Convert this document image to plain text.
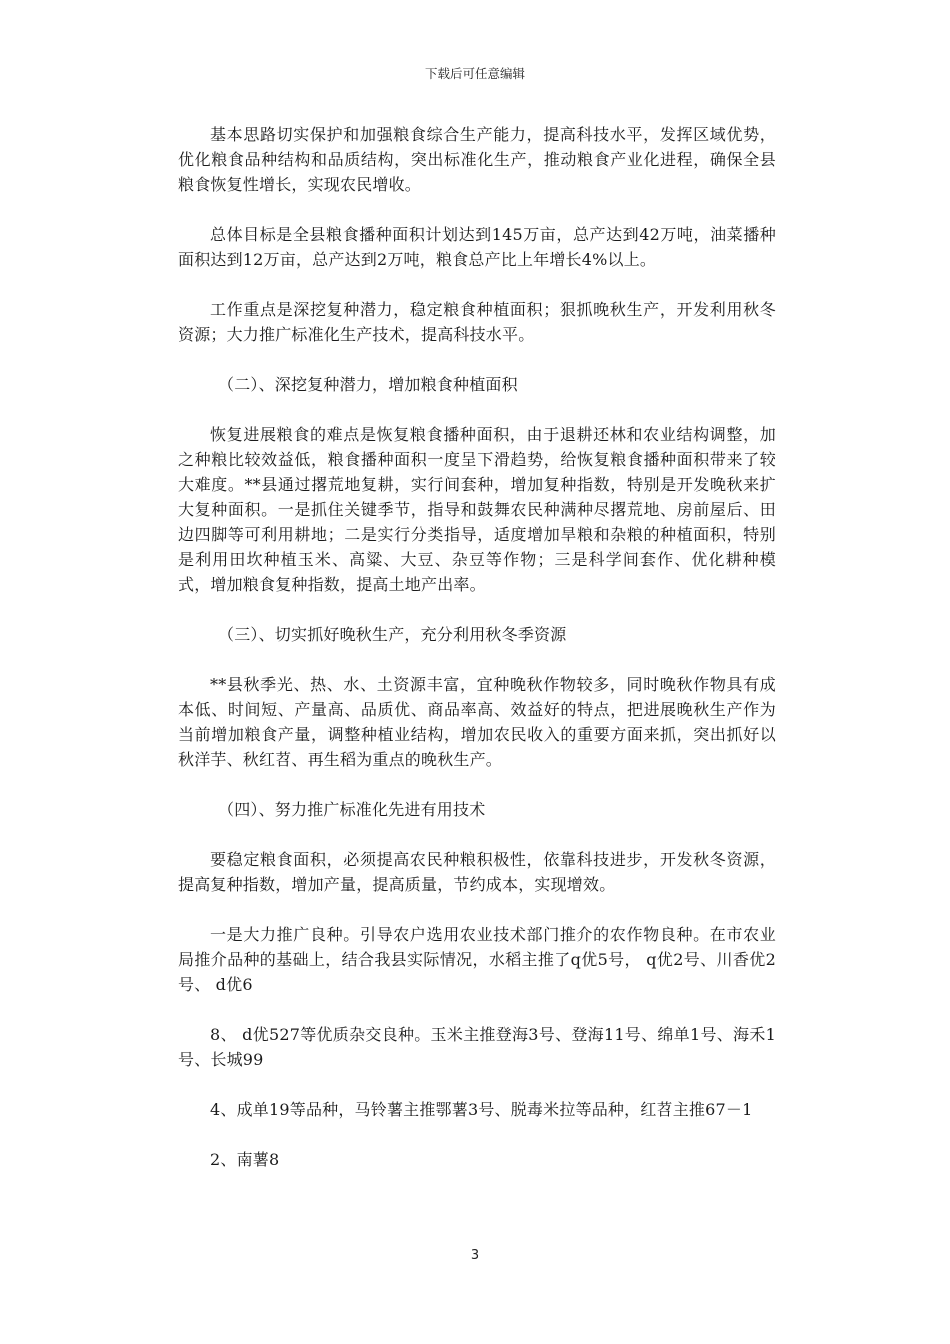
下载后可任意编辑

基本思路切实保护和加强粮食综合生产能力，提高科技水平，发挥区域优势，优化粮食品种结构和品质结构，突出标准化生产，推动粮食产业化进程，确保全县粮食恢复性增长，实现农民增收。

总体目标是全县粮食播种面积计划达到145万亩，总产达到42万吨，油菜播种面积达到12万亩，总产达到2万吨，粮食总产比上年增长4%以上。

工作重点是深挖复种潜力，稳定粮食种植面积；狠抓晚秋生产，开发利用秋冬资源；大力推广标准化生产技术，提高科技水平。

（二）、深挖复种潜力，增加粮食种植面积

恢复进展粮食的难点是恢复粮食播种面积，由于退耕还林和农业结构调整，加之种粮比较效益低，粮食播种面积一度呈下滑趋势，给恢复粮食播种面积带来了较大难度。**县通过撂荒地复耕，实行间套种，增加复种指数，特别是开发晚秋来扩大复种面积。一是抓住关键季节，指导和鼓舞农民种满种尽撂荒地、房前屋后、田边四脚等可利用耕地；二是实行分类指导，适度增加旱粮和杂粮的种植面积，特别是利用田坎种植玉米、高粱、大豆、杂豆等作物；三是科学间套作、优化耕种模式，增加粮食复种指数，提高土地产出率。

（三）、切实抓好晚秋生产，充分利用秋冬季资源

**县秋季光、热、水、土资源丰富，宜种晚秋作物较多，同时晚秋作物具有成本低、时间短、产量高、品质优、商品率高、效益好的特点，把进展晚秋生产作为当前增加粮食产量，调整种植业结构，增加农民收入的重要方面来抓，突出抓好以秋洋芋、秋红苕、再生稻为重点的晚秋生产。

（四）、努力推广标准化先进有用技术

要稳定粮食面积，必须提高农民种粮积极性，依靠科技进步，开发秋冬资源，提高复种指数，增加产量，提高质量，节约成本，实现增效。

一是大力推广良种。引导农户选用农业技术部门推介的农作物良种。在市农业局推介品种的基础上，结合我县实际情况，水稻主推了q优5号， q优2号、川香优2号、 d优6

8、 d优527等优质杂交良种。玉米主推登海3号、登海11号、绵单1号、海禾1号、长城99

4、成单19等品种，马铃薯主推鄂薯3号、脱毒米拉等品种，红苕主推67－1

2、南薯8

3
